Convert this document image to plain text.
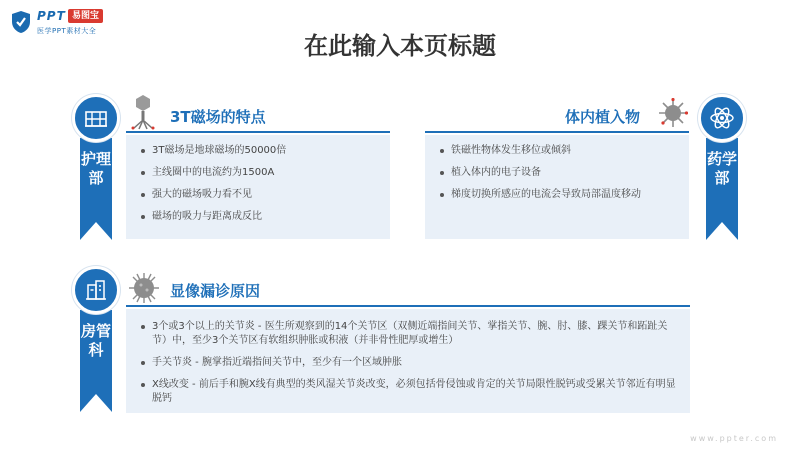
PPT 易图宝
医学PPT素材大全
在此输入本页标题
护理部
3T磁场的特点
3T磁场是地球磁场的50000倍
主线圈中的电流约为1500A
强大的磁场吸力看不见
磁场的吸力与距离成反比
体内植入物
铁磁性物体发生移位或倾斜
植入体内的电子设备
梯度切换所感应的电流会导致局部温度移动
药学部
房管科
显像漏诊原因
3个或3个以上的关节炎 - 医生所观察到的14个关节区（双侧近端指间关节、掌指关节、腕、肘、膝、踝关节和跖趾关节）中，至少3个关节区有软组织肿胀或积液（并非骨性肥厚或增生）
手关节炎 - 腕掌指近端指间关节中，至少有一个区域肿胀
X线改变 - 前后手和腕X线有典型的类风湿关节炎改变，必须包括骨侵蚀或肯定的关节局限性脱钙或受累关节邻近有明显脱钙
www.ppter.com
